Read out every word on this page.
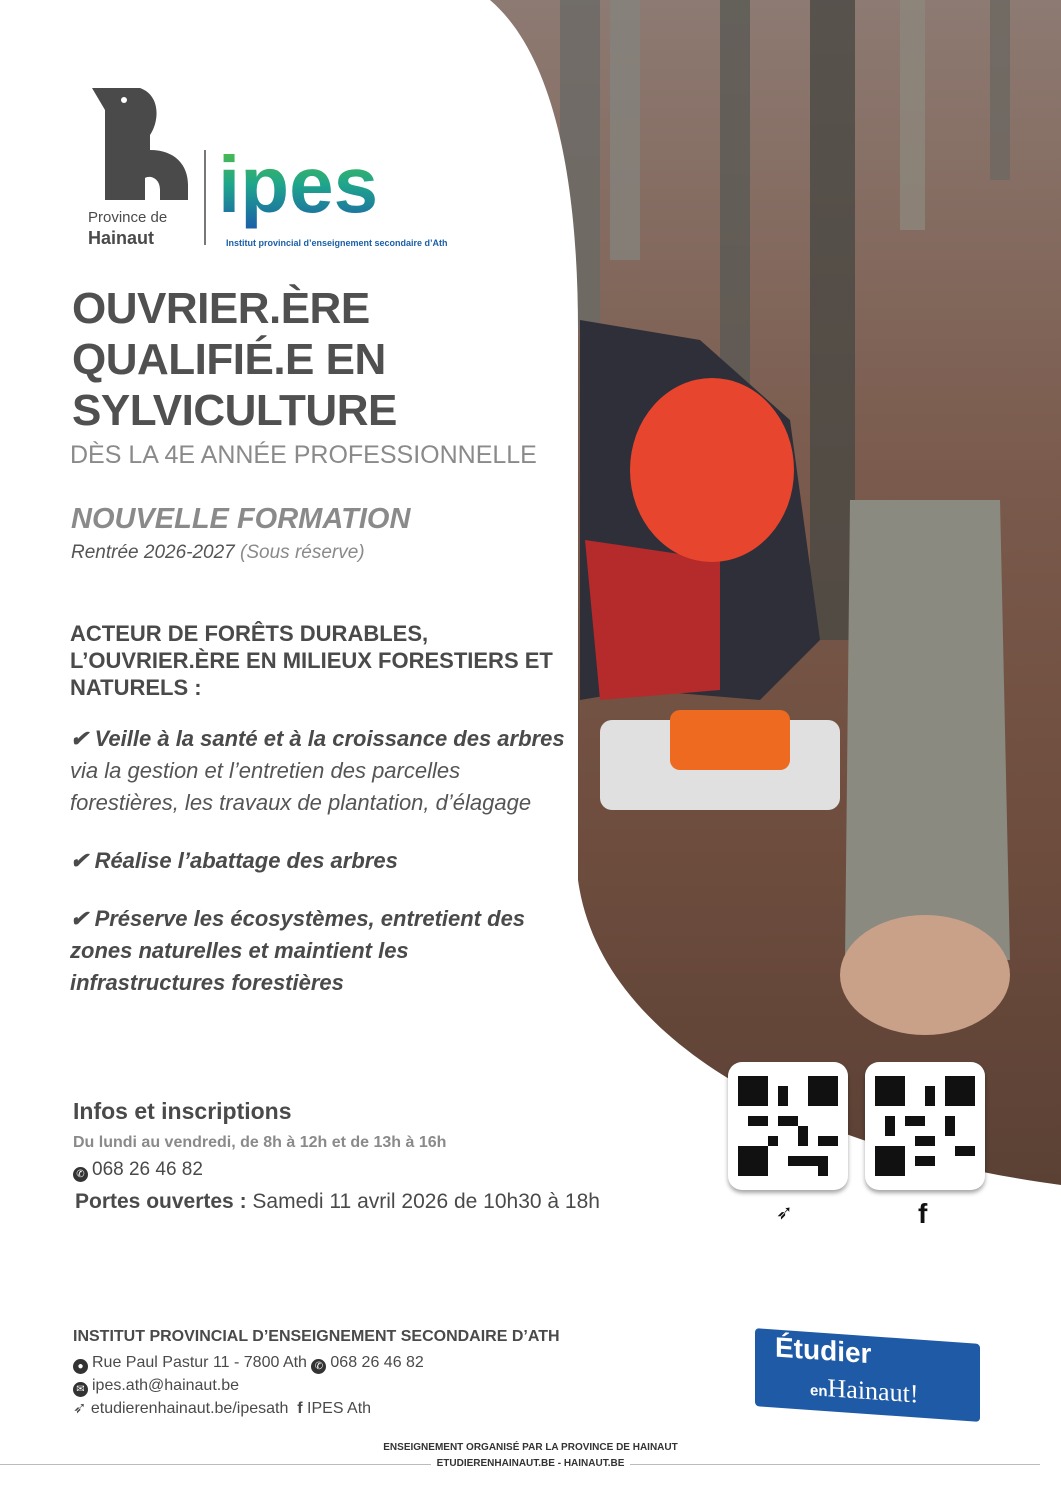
Province de
Hainaut
ipes
Institut provincial d’enseignement secondaire d’Ath
OUVRIER.ÈRE
QUALIFIÉ.E EN
SYLVICULTURE
DÈS LA 4E ANNÉE PROFESSIONNELLE
NOUVELLE FORMATION
Rentrée 2026-2027 (Sous réserve)
ACTEUR DE FORÊTS DURABLES, L’OUVRIER.ÈRE EN MILIEUX FORESTIERS ET NATURELS :
✔ Veille à la santé et à la croissance des arbres via la gestion et l’entretien des parcelles forestières, les travaux de plantation, d’élagage
✔ Réalise l’abattage des arbres
✔ Préserve les écosystèmes, entretient des zones naturelles et maintient les infrastructures forestières
Infos et inscriptions
Du lundi au vendredi, de 8h à 12h et de 13h à 16h
✆ 068 26 46 82
Portes ouvertes : Samedi 11 avril 2026 de 10h30 à 18h	➶	f
INSTITUT PROVINCIAL D’ENSEIGNEMENT SECONDAIRE D’ATH
● Rue Paul Pastur 11 - 7800 Ath ✆ 068 26 46 82
✉ ipes.ath@hainaut.be
➶ etudierenhainaut.be/ipesath f IPES Ath
Étudier
enHainaut!
ENSEIGNEMENT ORGANISÉ PAR LA PROVINCE DE HAINAUT
ETUDIERENHAINAUT.BE - HAINAUT.BE
